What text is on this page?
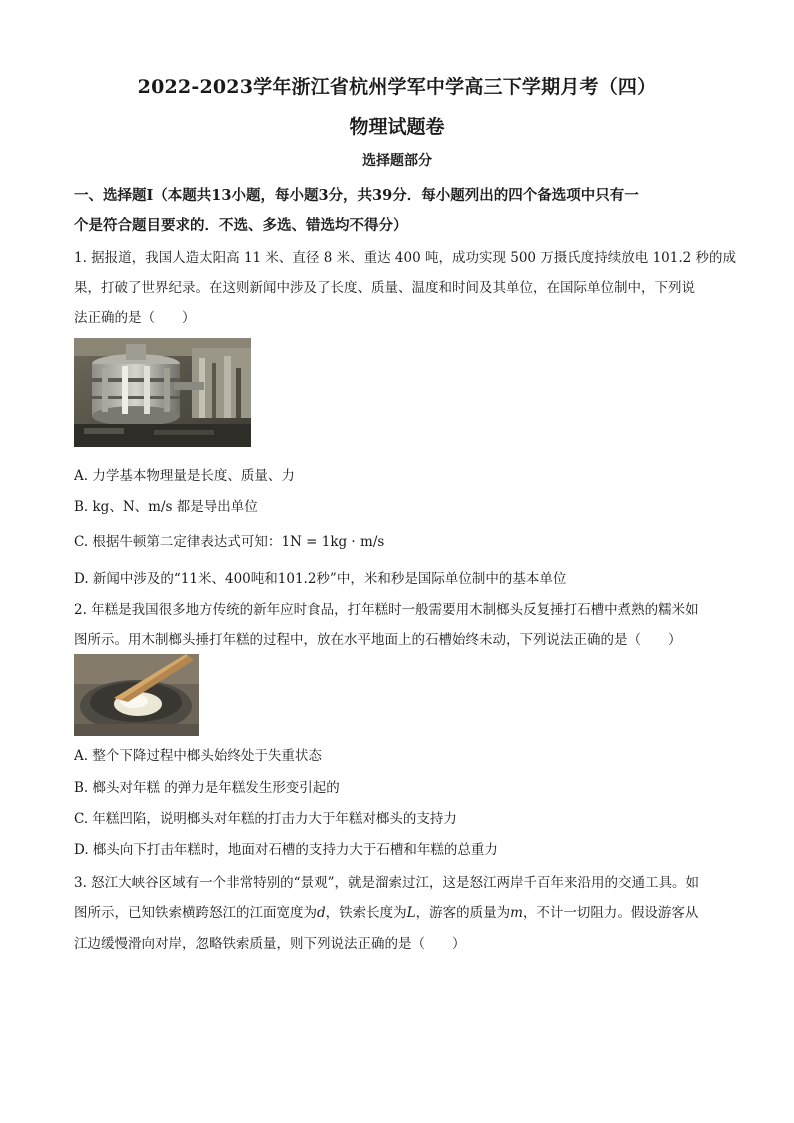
2022-2023学年浙江省杭州学军中学高三下学期月考（四）
物理试题卷
选择题部分
一、选择题Ⅰ（本题共13小题，每小题3分，共39分．每小题列出的四个备选项中只有一
个是符合题目要求的．不选、多选、错选均不得分）
1. 据报道，我国人造太阳高 11 米、直径 8 米、重达 400 吨，成功实现 500 万摄氏度持续放电 101.2 秒的成
果，打破了世界纪录。在这则新闻中涉及了长度、质量、温度和时间及其单位，在国际单位制中，下列说
法正确的是（　　）
A. 力学基本物理量是长度、质量、力
B. kg、N、m/s 都是导出单位
C. 根据牛顿第二定律表达式可知：1N = 1kg · m/s
D. 新闻中涉及的“11米、400吨和101.2秒”中，米和秒是国际单位制中的基本单位
2. 年糕是我国很多地方传统的新年应时食品，打年糕时一般需要用木制榔头反复捶打石槽中煮熟的糯米如
图所示。用木制榔头捶打年糕的过程中，放在水平地面上的石槽始终未动，下列说法正确的是（　　）
A. 整个下降过程中榔头始终处于失重状态
B. 榔头对年糕 的弹力是年糕发生形变引起的
C. 年糕凹陷，说明榔头对年糕的打击力大于年糕对榔头的支持力
D. 榔头向下打击年糕时，地面对石槽的支持力大于石槽和年糕的总重力
3. 怒江大峡谷区域有一个非常特别的“景观”，就是溜索过江，这是怒江两岸千百年来沿用的交通工具。如
图所示，已知铁索横跨怒江的江面宽度为d，铁索长度为L，游客的质量为m，不计一切阻力。假设游客从
江边缓慢滑向对岸，忽略铁索质量，则下列说法正确的是（　　）
